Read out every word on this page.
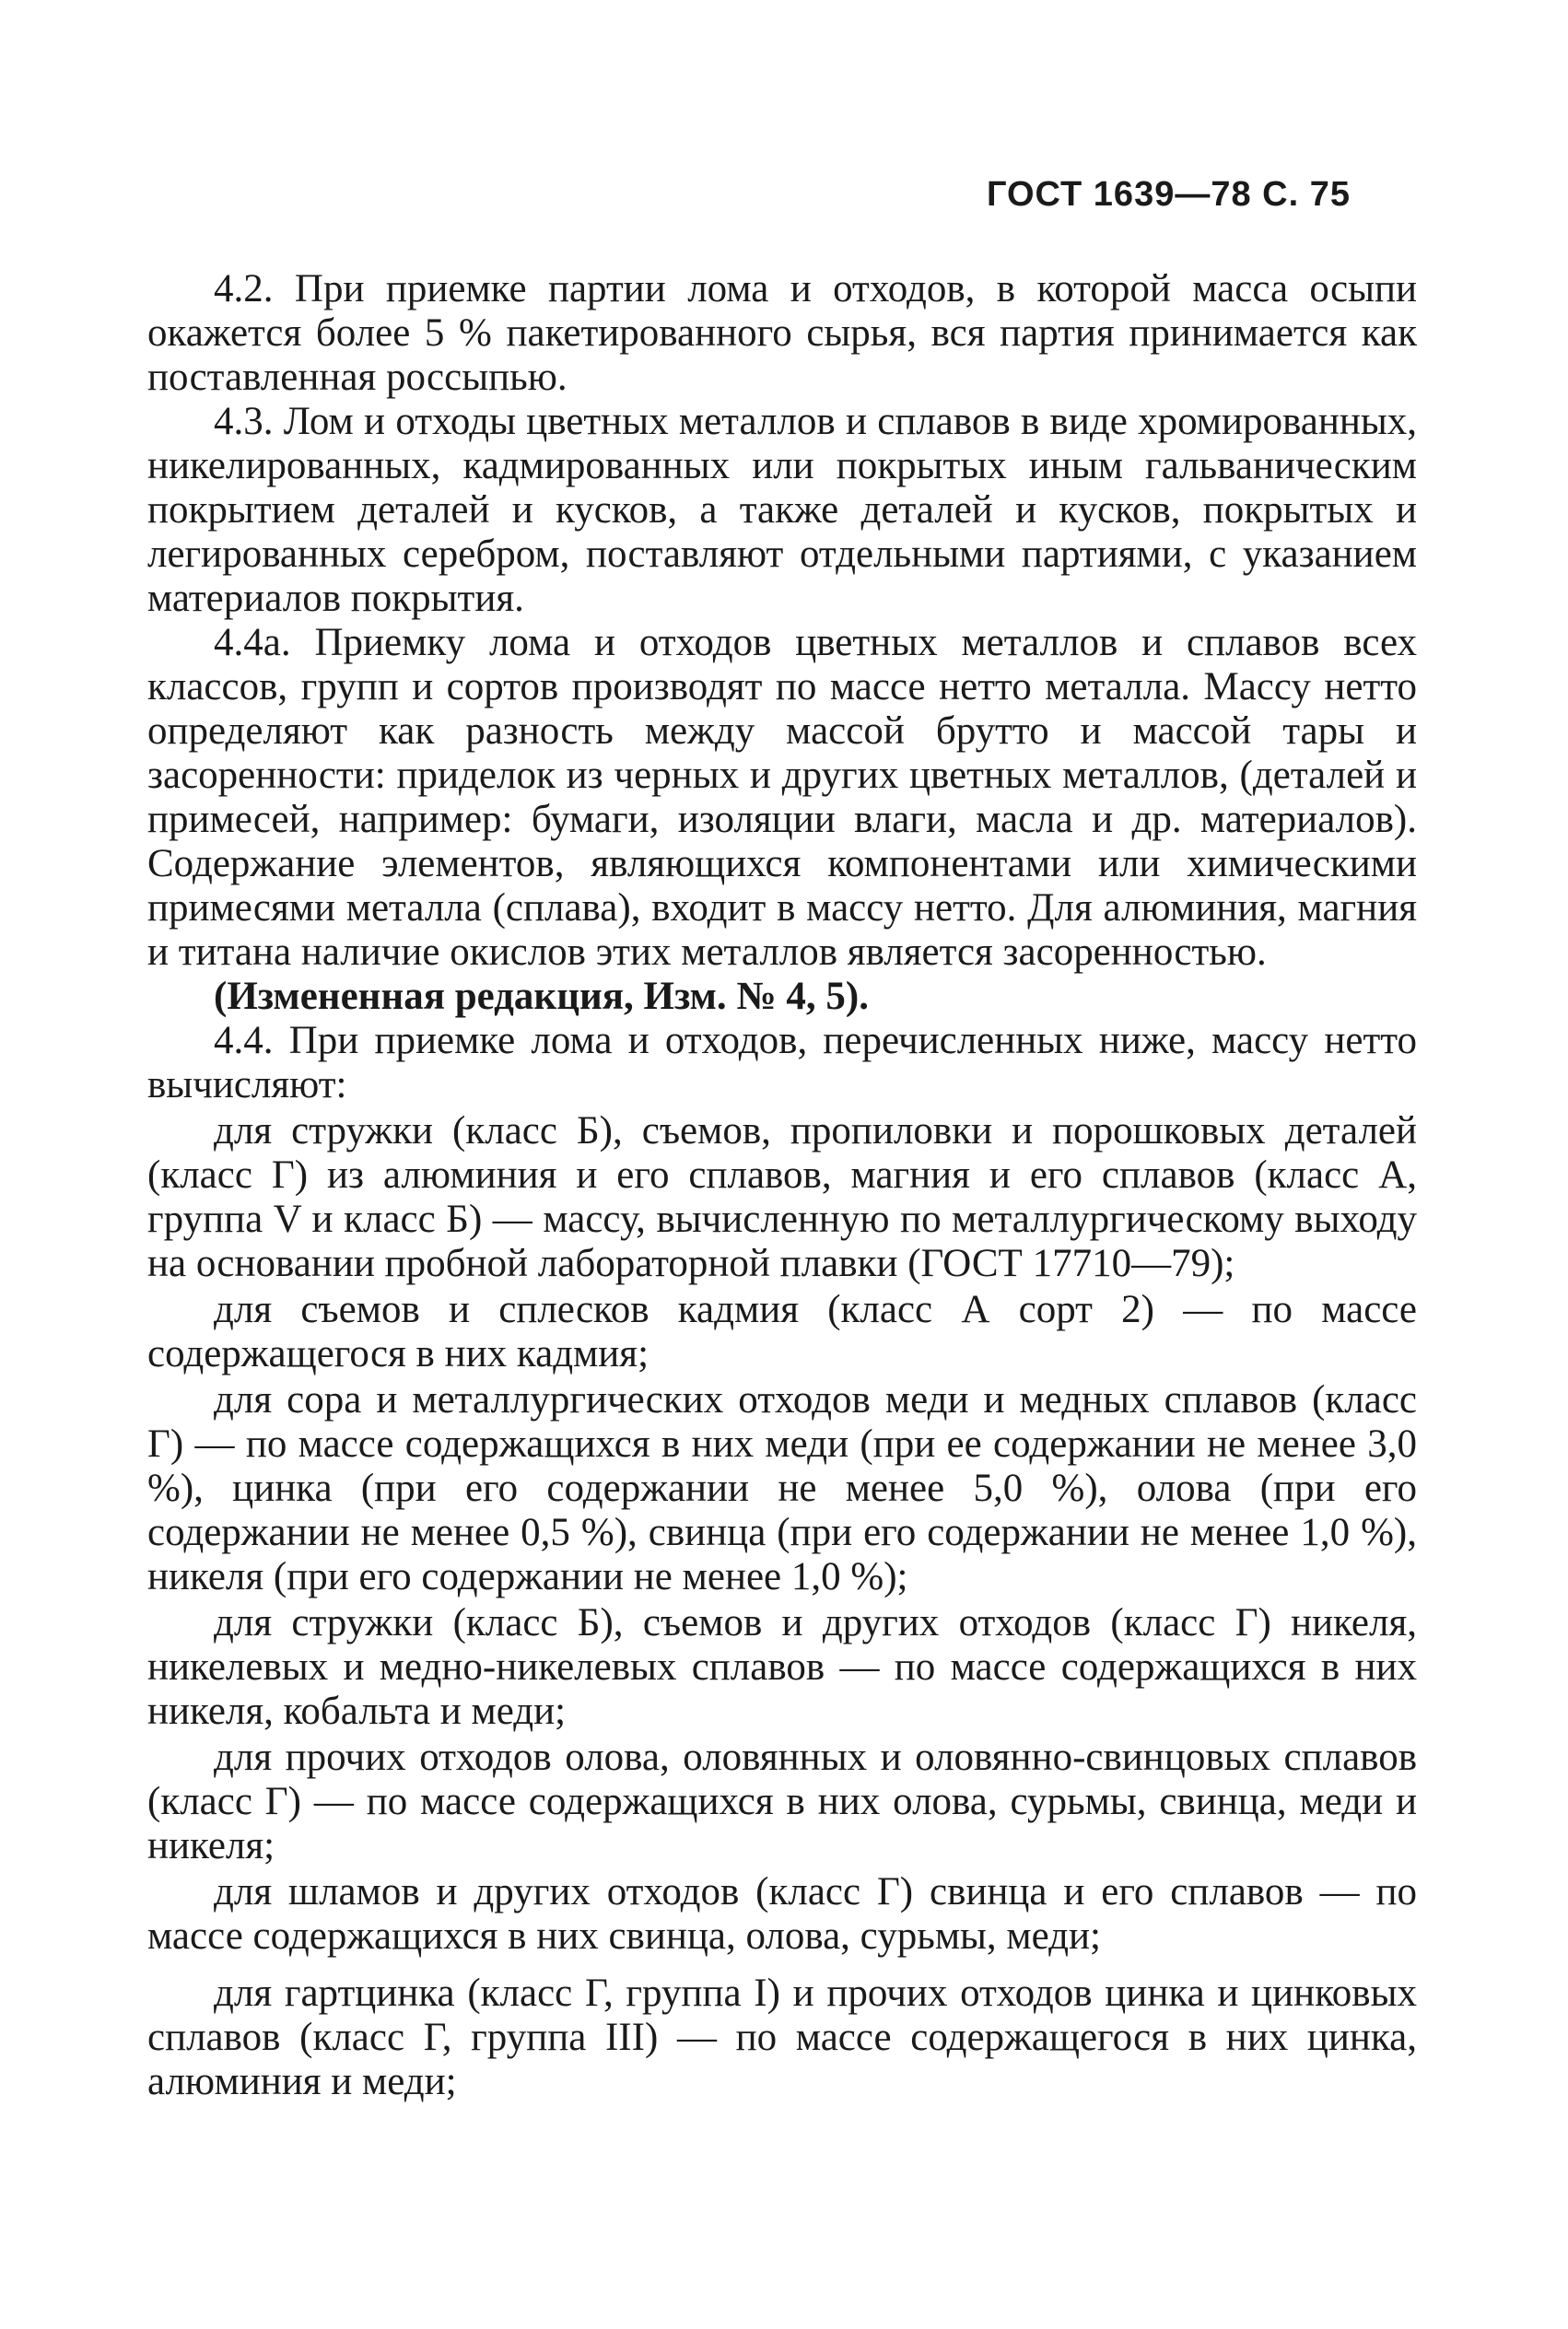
ГОСТ 1639—78 С. 75

4.2. При приемке партии лома и отходов, в которой масса осыпи окажется более 5 % пакетированного сырья, вся партия принимается как поставленная россыпью.

4.3. Лом и отходы цветных металлов и сплавов в виде хромированных, никелированных, кадмированных или покрытых иным гальваническим покрытием деталей и кусков, а также деталей и кусков, покрытых и легированных серебром, поставляют отдельными партиями, с указанием материалов покрытия.

4.4а. Приемку лома и отходов цветных металлов и сплавов всех классов, групп и сортов производят по массе нетто металла. Массу нетто определяют как разность между массой брутто и массой тары и засоренности: приделок из черных и других цветных металлов, (деталей и примесей, например: бумаги, изоляции влаги, масла и др. материалов). Содержание элементов, являющихся компонентами или химическими примесями металла (сплава), входит в массу нетто. Для алюминия, магния и титана наличие окислов этих металлов является засоренностью.

(Измененная редакция, Изм. № 4, 5).

4.4. При приемке лома и отходов, перечисленных ниже, массу нетто вычисляют:

для стружки (класс Б), съемов, пропиловки и порошковых деталей (класс Г) из алюминия и его сплавов, магния и его сплавов (класс А, группа V и класс Б) — массу, вычисленную по металлургическому выходу на основании пробной лабораторной плавки (ГОСТ 17710—79);

для съемов и сплесков кадмия (класс А сорт 2) — по массе содержащегося в них кадмия;

для сора и металлургических отходов меди и медных сплавов (класс Г) — по массе содержащихся в них меди (при ее содержании не менее 3,0 %), цинка (при его содержании не менее 5,0 %), олова (при его содержании не менее 0,5 %), свинца (при его содержании не менее 1,0 %), никеля (при его содержании не менее 1,0 %);

для стружки (класс Б), съемов и других отходов (класс Г) никеля, никелевых и медно-никелевых сплавов — по массе содержащихся в них никеля, кобальта и меди;

для прочих отходов олова, оловянных и оловянно-свинцовых сплавов (класс Г) — по массе содержащихся в них олова, сурьмы, свинца, меди и никеля;

для шламов и других отходов (класс Г) свинца и его сплавов — по массе содержащихся в них свинца, олова, сурьмы, меди;

для гартцинка (класс Г, группа I) и прочих отходов цинка и цинковых сплавов (класс Г, группа III) — по массе содержащегося в них цинка, алюминия и меди;
